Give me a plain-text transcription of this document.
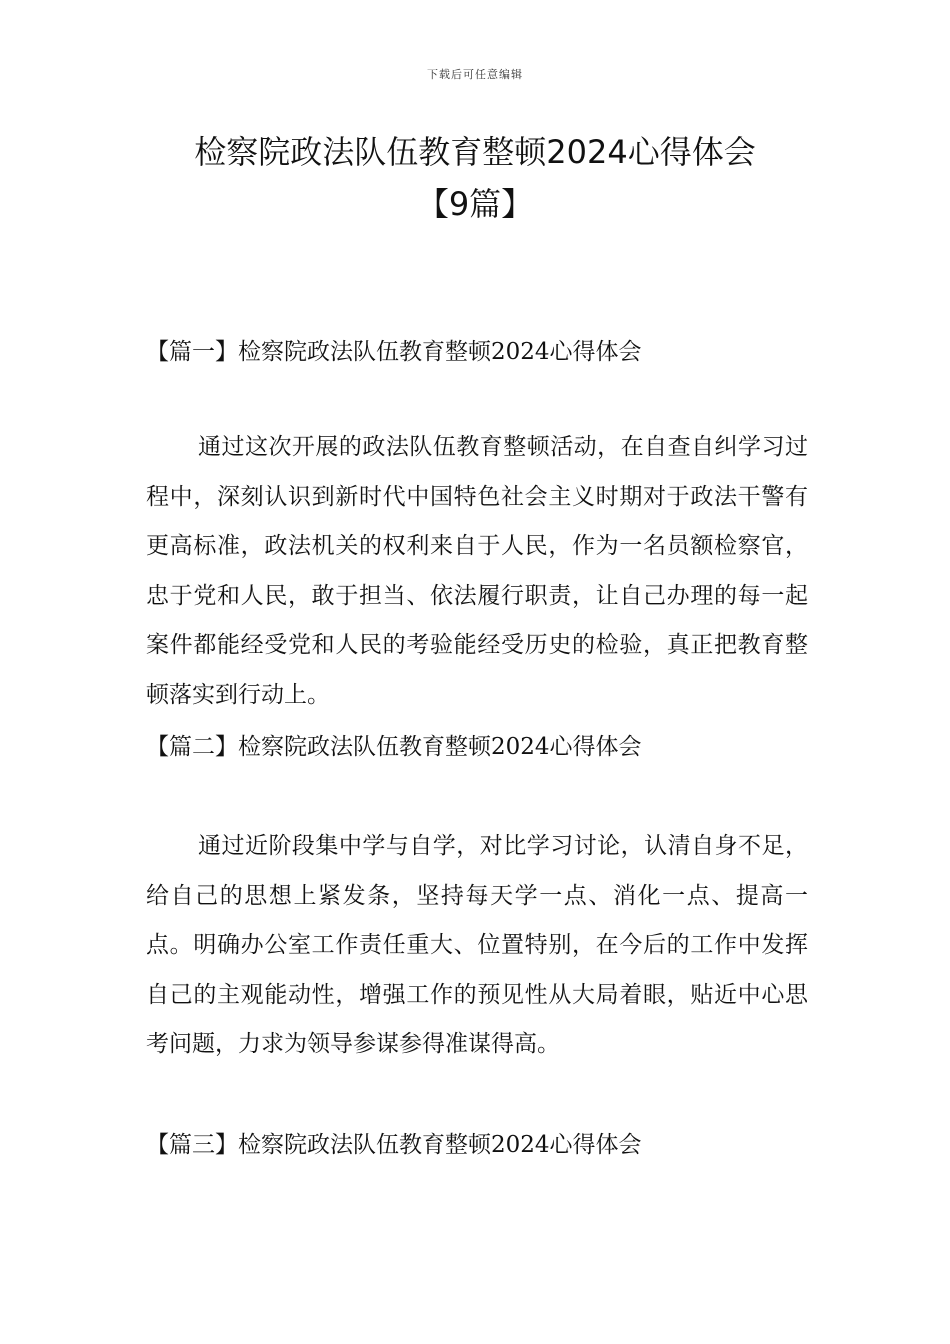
下载后可任意编辑
检察院政法队伍教育整顿2024心得体会
【9篇】
【篇一】检察院政法队伍教育整顿2024心得体会
通过这次开展的政法队伍教育整顿活动，在自查自纠学习过程中，深刻认识到新时代中国特色社会主义时期对于政法干警有更高标准，政法机关的权利来自于人民，作为一名员额检察官，忠于党和人民，敢于担当、依法履行职责，让自己办理的每一起案件都能经受党和人民的考验能经受历史的检验，真正把教育整顿落实到行动上。
【篇二】检察院政法队伍教育整顿2024心得体会
通过近阶段集中学与自学，对比学习讨论，认清自身不足，给自己的思想上紧发条，坚持每天学一点、消化一点、提高一点。明确办公室工作责任重大、位置特别，在今后的工作中发挥自己的主观能动性，增强工作的预见性从大局着眼，贴近中心思考问题，力求为领导参谋参得准谋得高。
【篇三】检察院政法队伍教育整顿2024心得体会
